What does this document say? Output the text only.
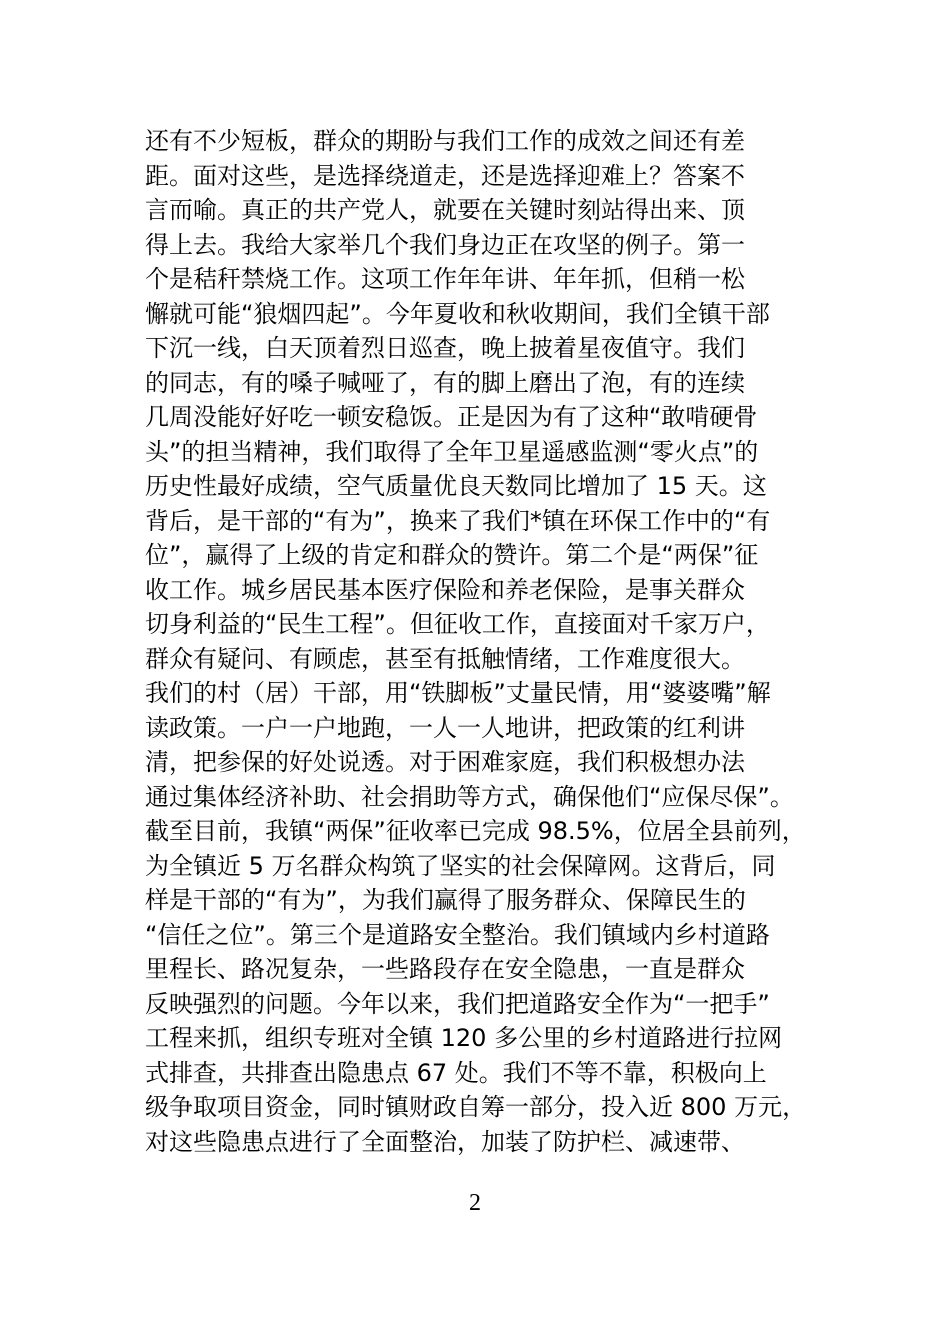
还有不少短板，群众的期盼与我们工作的成效之间还有差
距。面对这些，是选择绕道走，还是选择迎难上？答案不
言而喻。真正的共产党人，就要在关键时刻站得出来、顶
得上去。我给大家举几个我们身边正在攻坚的例子。第一
个是秸秆禁烧工作。这项工作年年讲、年年抓，但稍一松
懈就可能“狼烟四起”。今年夏收和秋收期间，我们全镇干部
下沉一线，白天顶着烈日巡查，晚上披着星夜值守。我们
的同志，有的嗓子喊哑了，有的脚上磨出了泡，有的连续
几周没能好好吃一顿安稳饭。正是因为有了这种“敢啃硬骨
头”的担当精神，我们取得了全年卫星遥感监测“零火点”的
历史性最好成绩，空气质量优良天数同比增加了 15 天。这
背后，是干部的“有为”，换来了我们*镇在环保工作中的“有
位”，赢得了上级的肯定和群众的赞许。第二个是“两保”征
收工作。城乡居民基本医疗保险和养老保险，是事关群众
切身利益的“民生工程”。但征收工作，直接面对千家万户，
群众有疑问、有顾虑，甚至有抵触情绪，工作难度很大。
我们的村（居）干部，用“铁脚板”丈量民情，用“婆婆嘴”解
读政策。一户一户地跑，一人一人地讲，把政策的红利讲
清，把参保的好处说透。对于困难家庭，我们积极想办法
通过集体经济补助、社会捐助等方式，确保他们“应保尽保”。
截至目前，我镇“两保”征收率已完成 98.5%，位居全县前列，
为全镇近 5 万名群众构筑了坚实的社会保障网。这背后，同
样是干部的“有为”，为我们赢得了服务群众、保障民生的
“信任之位”。第三个是道路安全整治。我们镇域内乡村道路
里程长、路况复杂，一些路段存在安全隐患，一直是群众
反映强烈的问题。今年以来，我们把道路安全作为“一把手”
工程来抓，组织专班对全镇 120 多公里的乡村道路进行拉网
式排查，共排查出隐患点 67 处。我们不等不靠，积极向上
级争取项目资金，同时镇财政自筹一部分，投入近 800 万元，
对这些隐患点进行了全面整治，加装了防护栏、减速带、
2
